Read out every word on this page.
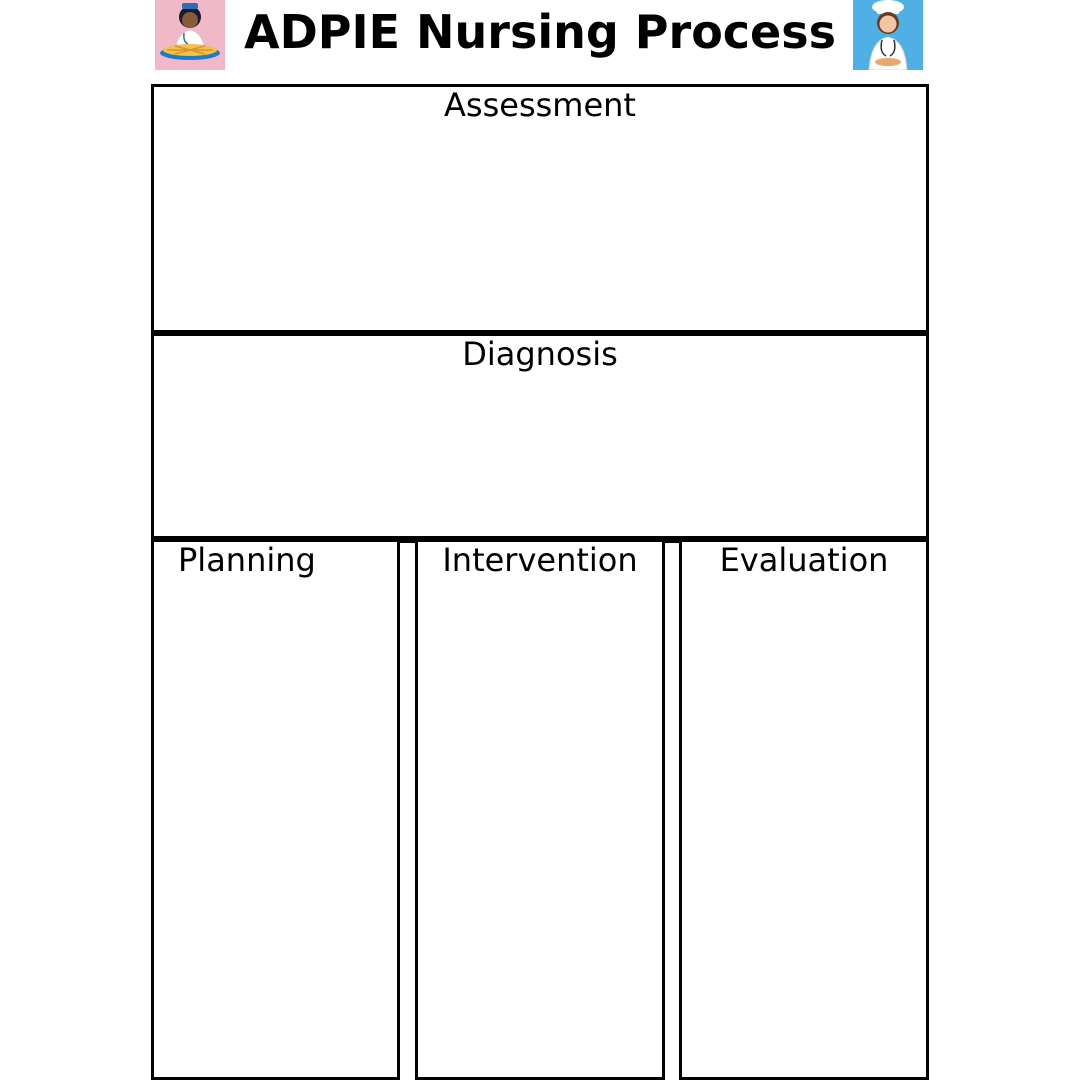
ADPIE Nursing Process
Assessment
Diagnosis
Planning	Intervention	Evaluation
